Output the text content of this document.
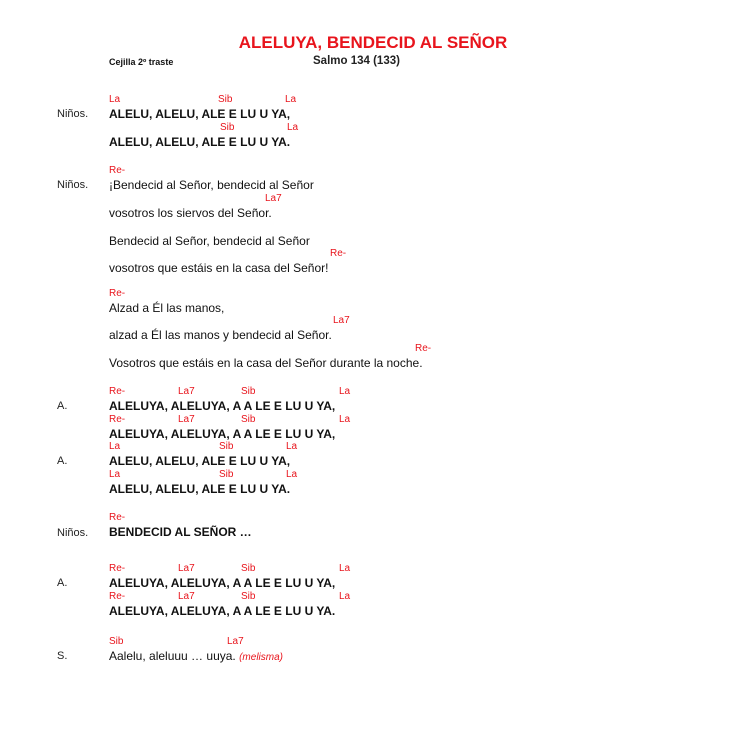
ALELUYA, BENDECID AL SEÑOR
Cejilla 2º traste	Salmo 134 (133)
Niños.
La	Sib	La
ALELU, ALELU, ALE E LU U YA,
Sib	La
ALELU, ALELU, ALE E LU U YA.
Niños.
Re-
¡Bendecid al Señor, bendecid al Señor
La7
vosotros los siervos del Señor.
Bendecid al Señor, bendecid al Señor
Re-
vosotros que estáis en la casa del Señor!
Re-
Alzad a Él las manos,
La7
alzad a Él las manos y bendecid al Señor.
Re-
Vosotros que estáis en la casa del Señor durante la noche.
A.
Re-	La7	Sib	La
ALELUYA, ALELUYA, A A LE E LU U YA,
Re-	La7	Sib	La
ALELUYA, ALELUYA, A A LE E LU U YA,
A.
La	Sib	La
ALELU, ALELU, ALE E LU U YA,
La	Sib	La
ALELU, ALELU, ALE E LU U YA.
Niños.
Re-
BENDECID AL SEÑOR …
A.
Re-	La7	Sib	La
ALELUYA, ALELUYA, A A LE E LU U YA,
Re-	La7	Sib	La
ALELUYA, ALELUYA, A A LE E LU U YA.
S.
Sib	La7
Aalelu, aleluuu … uuya. (melisma)
